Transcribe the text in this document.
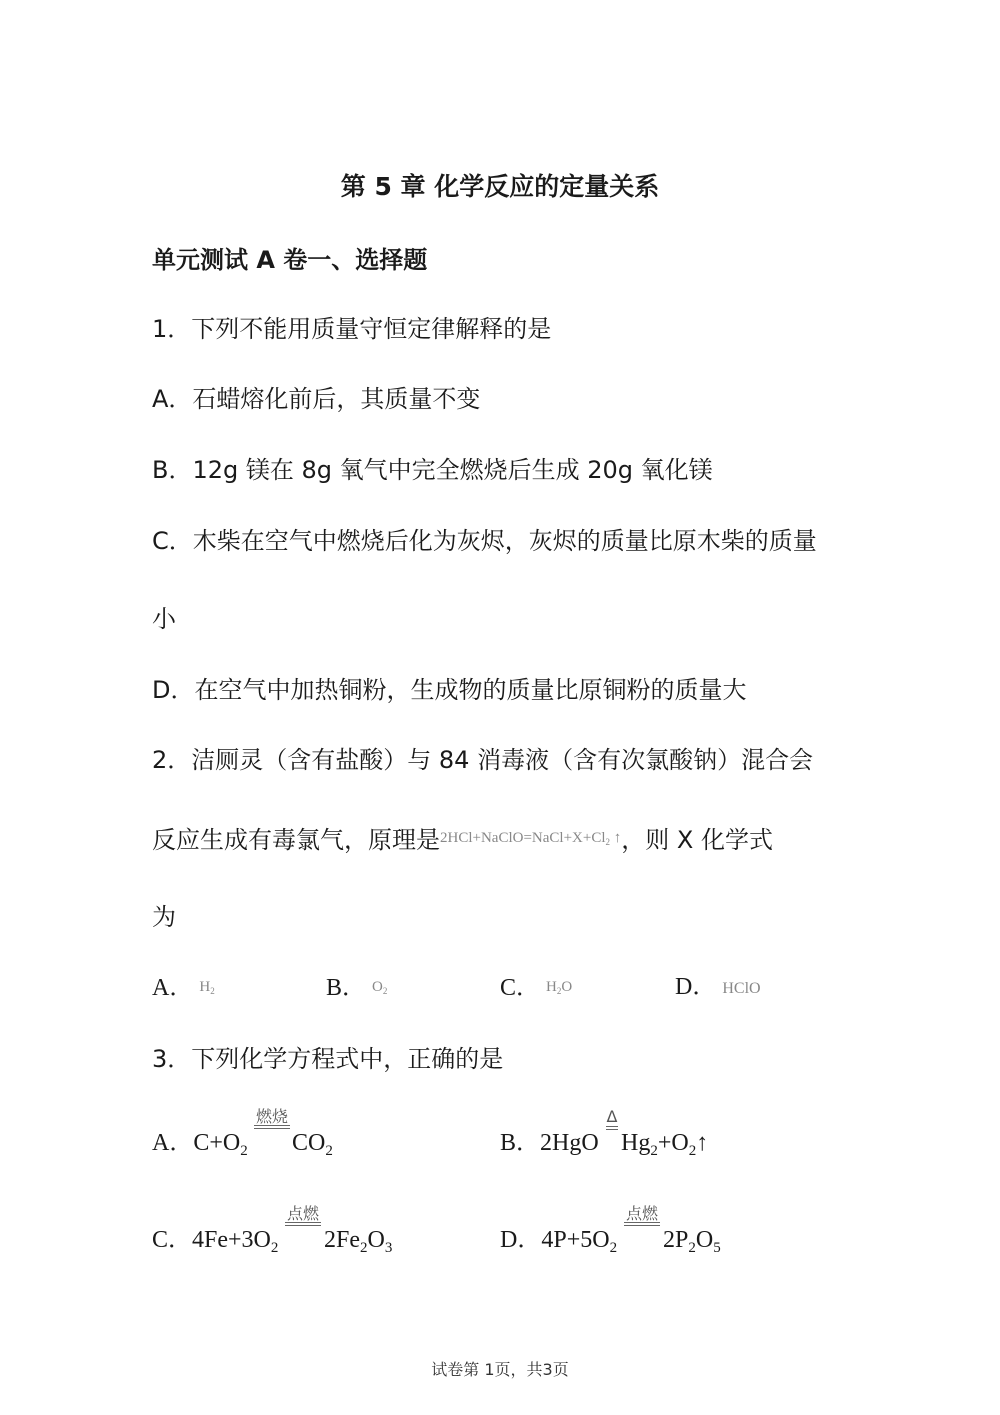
第 5 章 化学反应的定量关系
单元测试 A 卷一、选择题
1．下列不能用质量守恒定律解释的是
A．石蜡熔化前后，其质量不变
B．12g 镁在 8g 氧气中完全燃烧后生成 20g 氧化镁
C．木柴在空气中燃烧后化为灰烬，灰烬的质量比原木柴的质量
小
D．在空气中加热铜粉，生成物的质量比原铜粉的质量大
2．洁厕灵（含有盐酸）与 84 消毒液（含有次氯酸钠）混合会
反应生成有毒氯气，原理是$^{2HCl+NaClO=NaCl+X+Cl_2 ↑}$，则 X 化学式
为
A． $H_2$	B． $O_2$	C． $H_2O$	D． HClO
3．下列化学方程式中，正确的是
A．$C+O_2$
燃烧
$CO_2$	B．2HgO
Δ
$Hg_2+O_2↑$
C．$4Fe+3O_2$
点燃
$2Fe_2O_3$	D．$4P+5O_2$
点燃
$2P_2O_5$
试卷第 1页，共3页
